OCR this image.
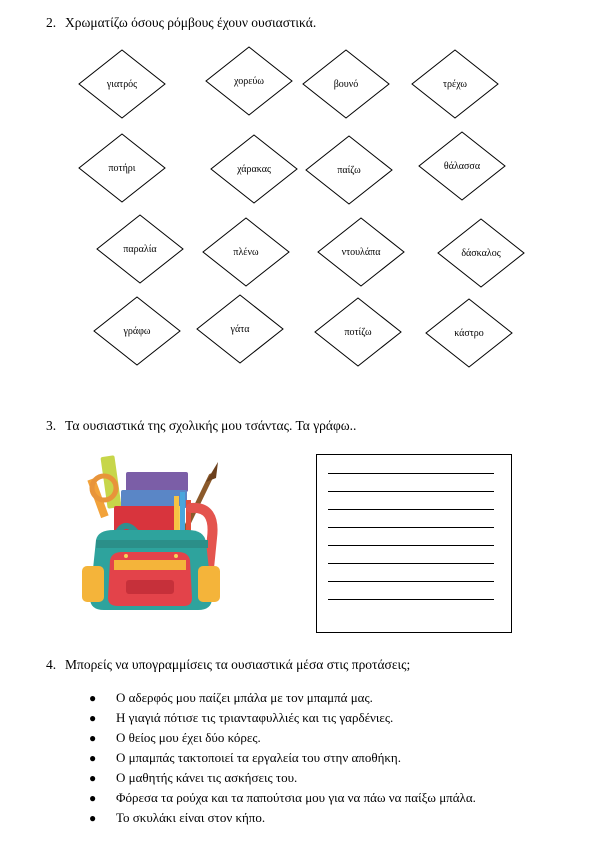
2. Χρωματίζω όσους ρόμβους έχουν ουσιαστικά.
γιατρός	χορεύω	βουνό	τρέχω
ποτήρι	χάρακας	παίζω	θάλασσα
παραλία	πλένω	ντουλάπα	δάσκαλος
γράφω	γάτα	ποτίζω	κάστρο
3. Τα ουσιαστικά της σχολικής μου τσάντας. Τα γράφω..
4. Μπορείς να υπογραμμίσεις τα ουσιαστικά μέσα στις προτάσεις;
● Ο αδερφός μου παίζει μπάλα με τον μπαμπά μας.
● Η γιαγιά πότισε τις τριανταφυλλιές και τις γαρδένιες.
● Ο θείος μου έχει δύο κόρες.
● Ο μπαμπάς τακτοποιεί τα εργαλεία του στην αποθήκη.
● Ο μαθητής κάνει τις ασκήσεις του.
● Φόρεσα τα ρούχα και τα παπούτσια μου για να πάω να παίξω μπάλα.
● Το σκυλάκι είναι στον κήπο.
